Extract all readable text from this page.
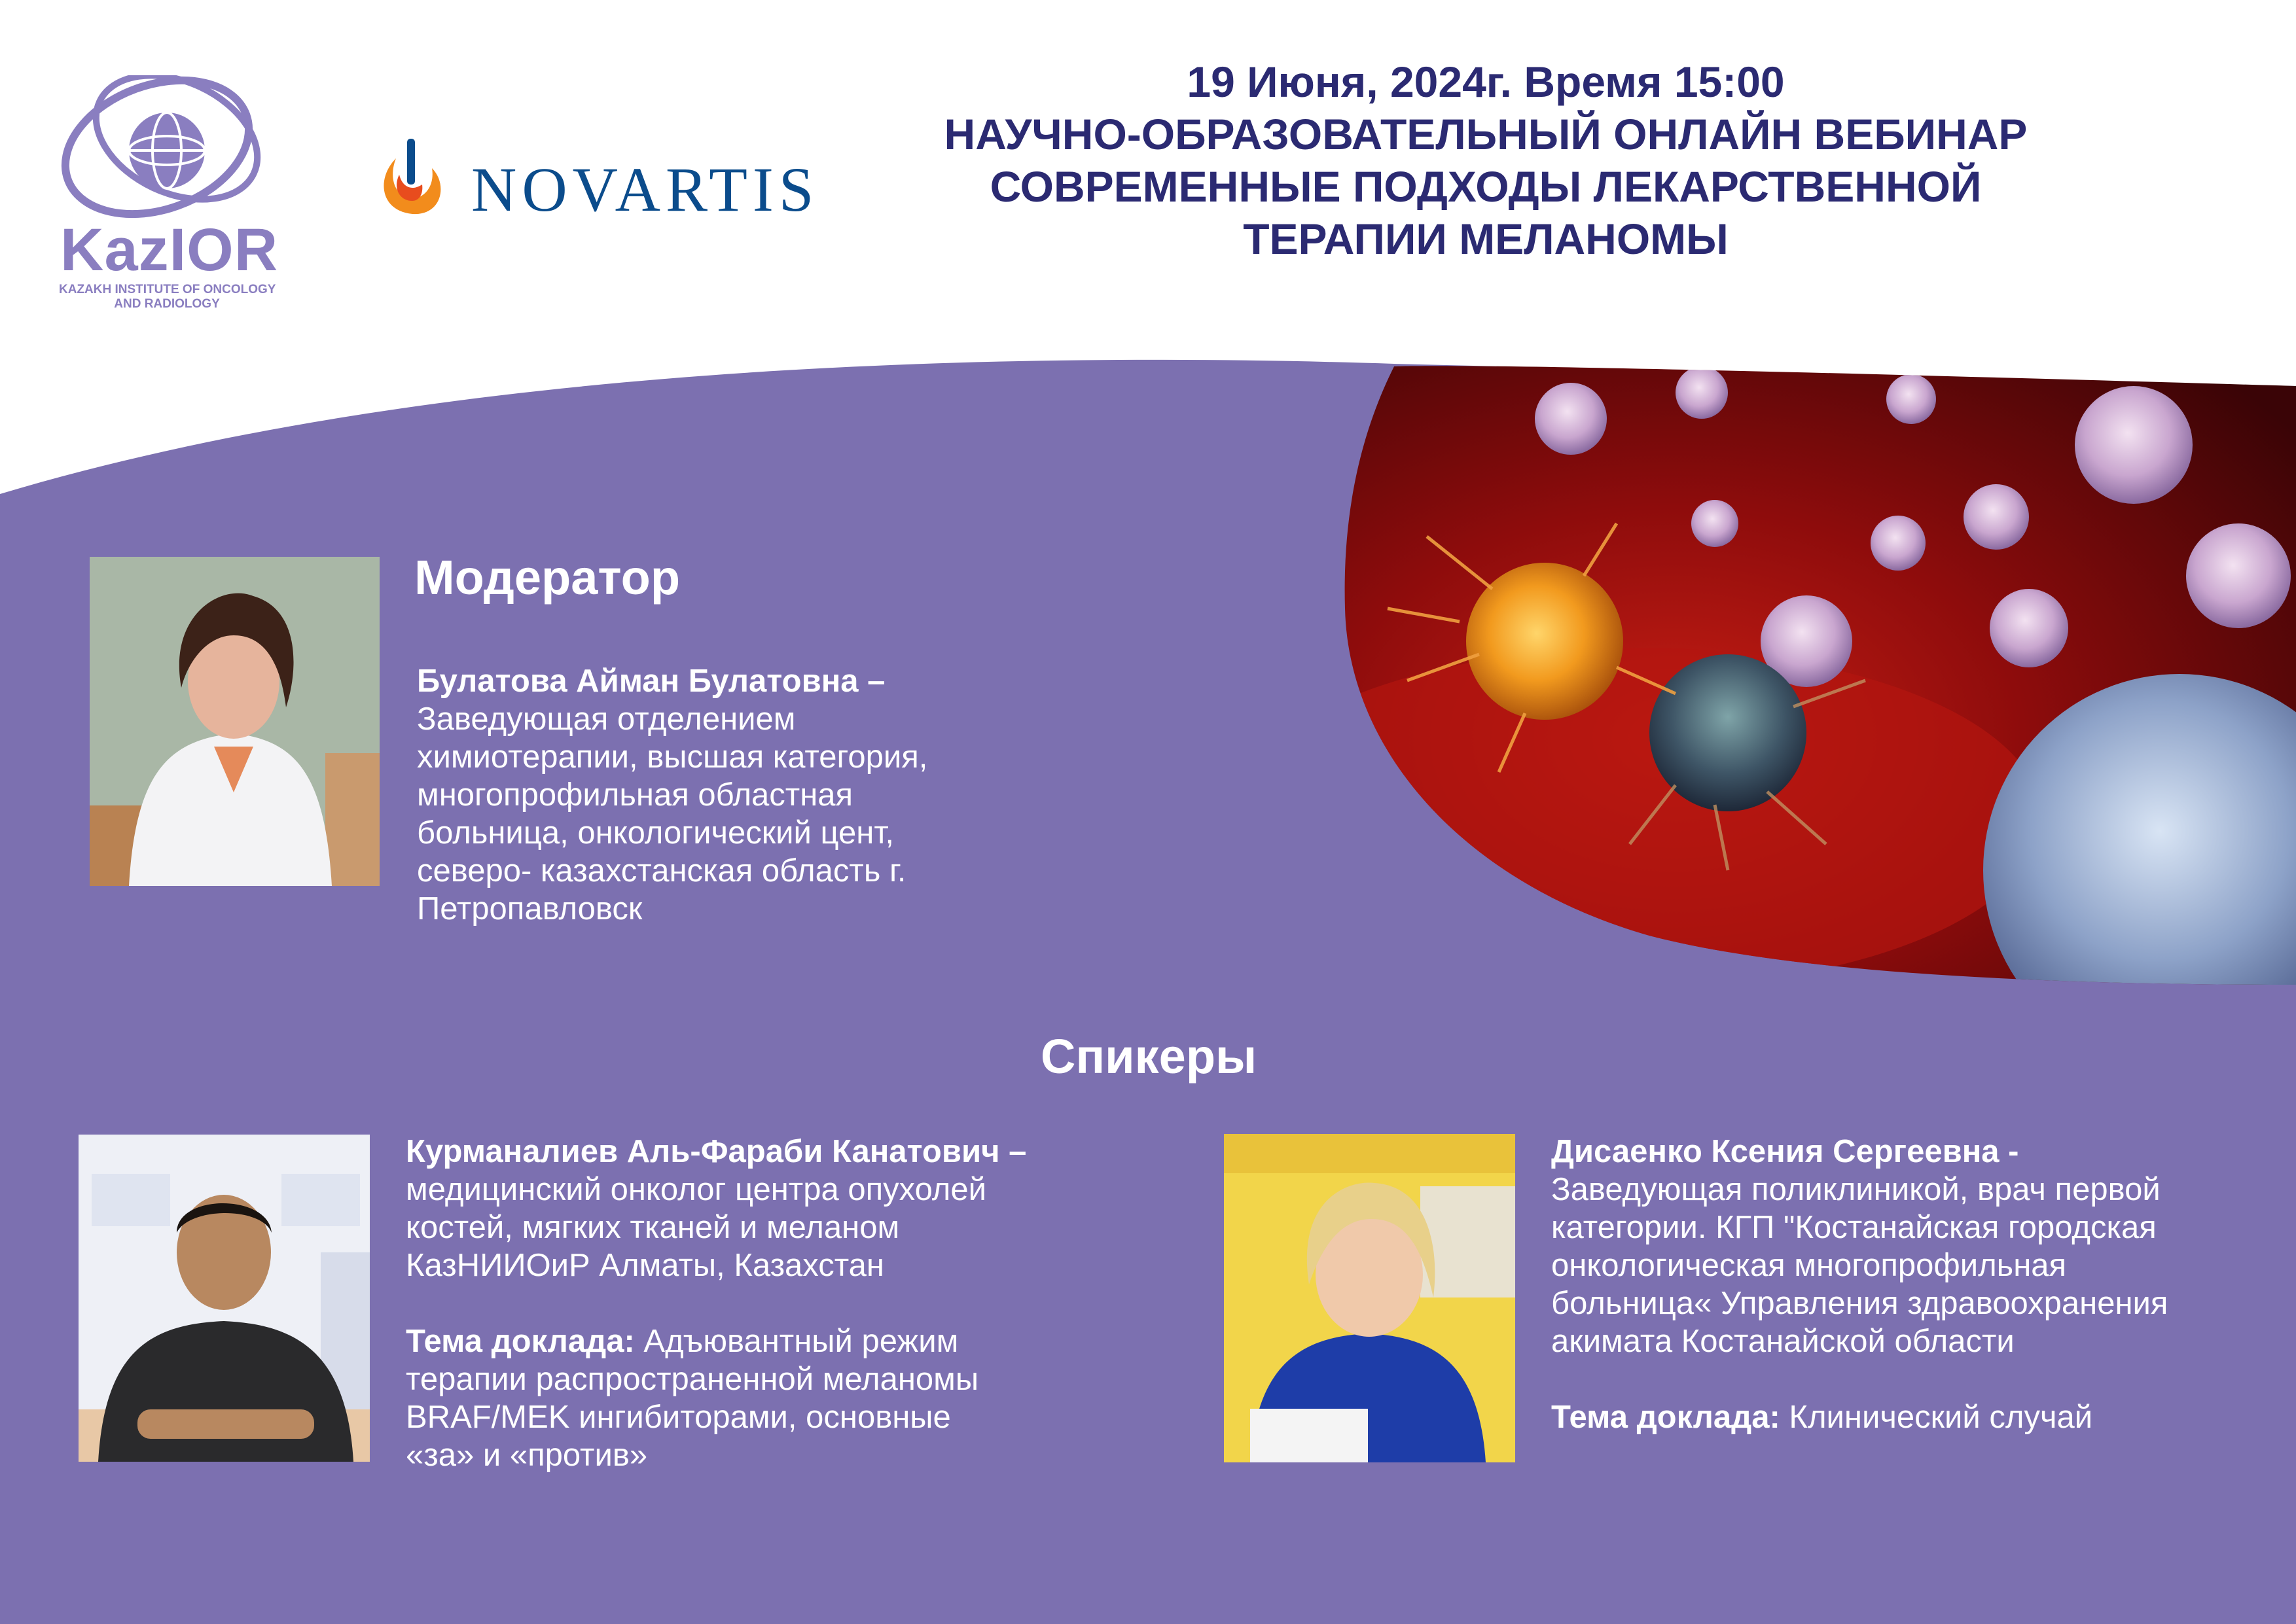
KazIOR
KAZAKH INSTITUTE OF ONCOLOGY
AND RADIOLOGY
NOVARTIS
19 Июня, 2024г. Время 15:00
НАУЧНО-ОБРАЗОВАТЕЛЬНЫЙ ОНЛАЙН ВЕБИНАР
СОВРЕМЕННЫЕ ПОДХОДЫ ЛЕКАРСТВЕННОЙ
ТЕРАПИИ МЕЛАНОМЫ
Модератор

Булатова Айман Булатовна –

Заведующая отделением

химиотерапии, высшая категория,

многопрофильная областная

больница, онкологический цент,

северо- казахстанская область г.

Петропавловск

Спикеры

Курманалиев Аль-Фараби Канатович –

медицинский онколог центра опухолей

костей, мягких тканей и меланом

КазНИИОиР Алматы, Казахстан

Тема доклада: Адъювантный режим

терапии распространенной меланомы

BRAF/MEK ингибиторами, основные

«за» и «против»

Дисаенко Ксения Сергеевна -

Заведующая поликлиникой, врач первой

категории. КГП "Костанайская городская

онкологическая многопрофильная

больница« Управления здравоохранения

акимата Костанайской области

Тема доклада: Клинический случай
